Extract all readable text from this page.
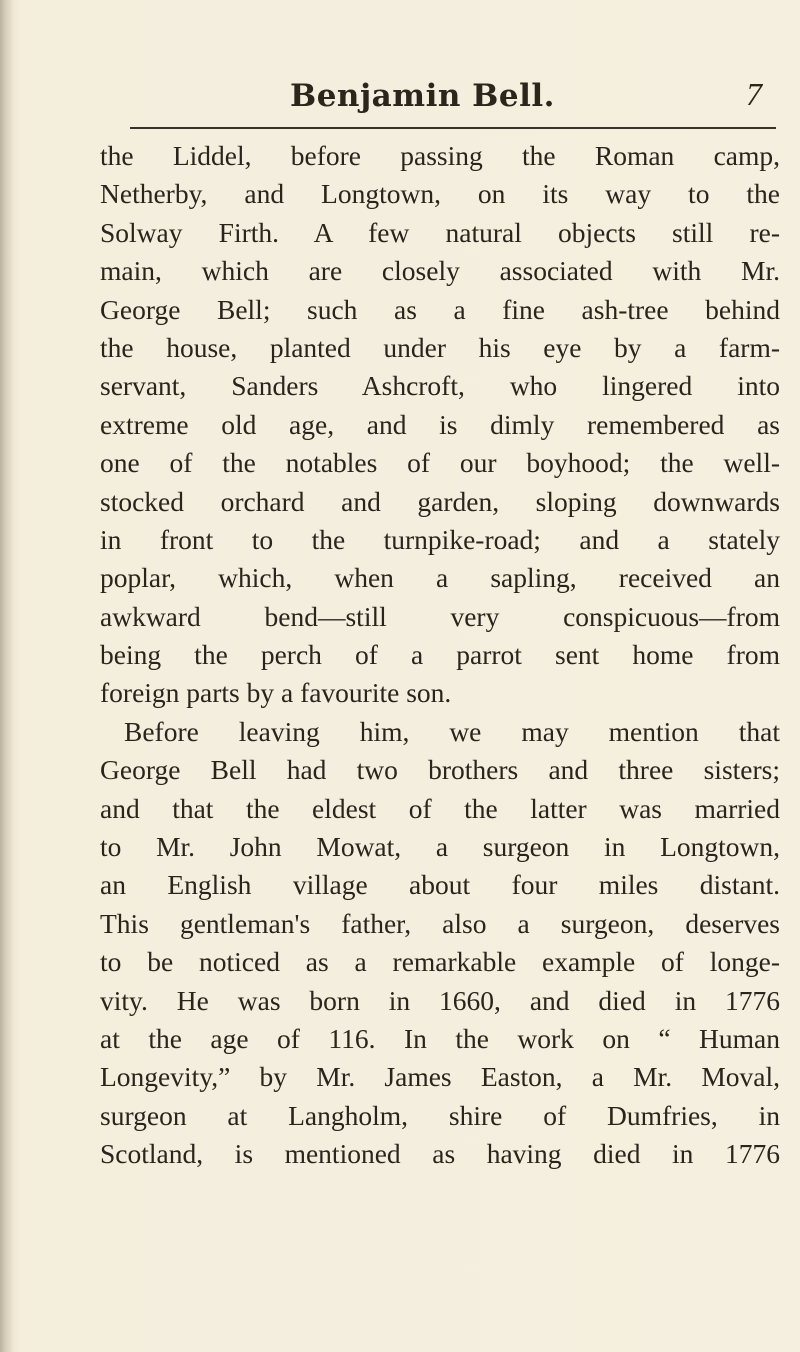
Benjamin Bell.	7
the Liddel, before passing the Roman camp,
Netherby, and Longtown, on its way to the
Solway Firth. A few natural objects still re-
main, which are closely associated with Mr.
George Bell; such as a fine ash-tree behind
the house, planted under his eye by a farm-
servant, Sanders Ashcroft, who lingered into
extreme old age, and is dimly remembered as
one of the notables of our boyhood; the well-
stocked orchard and garden, sloping downwards
in front to the turnpike-road; and a stately
poplar, which, when a sapling, received an
awkward bend—still very conspicuous—from
being the perch of a parrot sent home from
foreign parts by a favourite son.
Before leaving him, we may mention that
George Bell had two brothers and three sisters;
and that the eldest of the latter was married
to Mr. John Mowat, a surgeon in Longtown,
an English village about four miles distant.
This gentleman's father, also a surgeon, deserves
to be noticed as a remarkable example of longe-
vity. He was born in 1660, and died in 1776
at the age of 116. In the work on “ Human
Longevity,” by Mr. James Easton, a Mr. Moval,
surgeon at Langholm, shire of Dumfries, in
Scotland, is mentioned as having died in 1776
